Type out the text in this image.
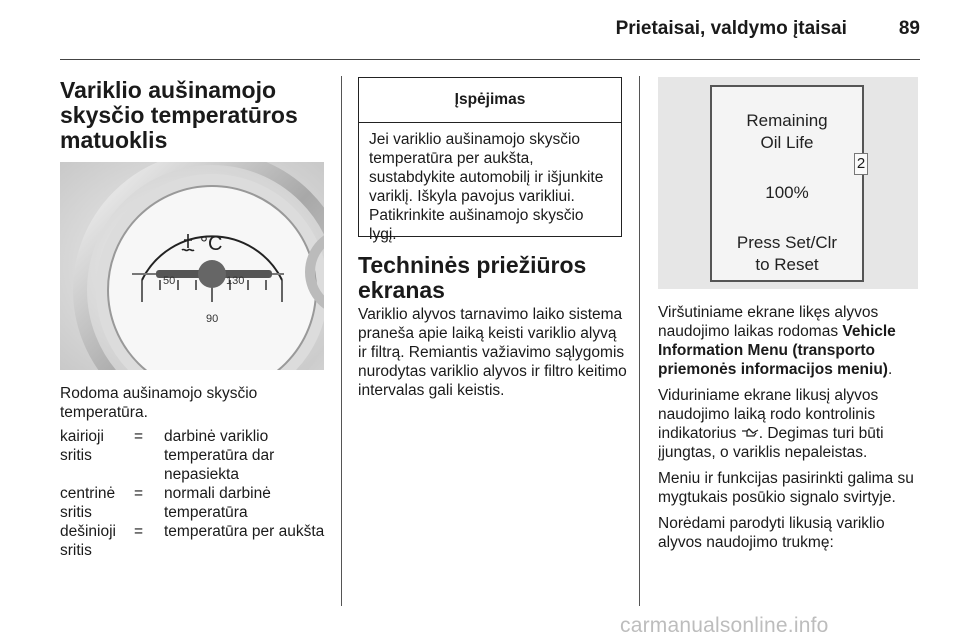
Prietaisai, valdymo įtaisai	89
Variklio aušinamojo skysčio temperatūros matuoklis
50
90
130
°C

Rodoma aušinamojo skysčio temperatūra.

kairioji sritis
=	darbinė variklio temperatūra dar nepasiekta
centrinė sritis
=	normali darbinė temperatūra
dešinioji sritis
=	temperatūra per aukšta
Įspėjimas
Jei variklio aušinamojo skysčio temperatūra per aukšta, sustabdykite automobilį ir išjunkite variklį. Iškyla pavojus varikliui. Patikrinkite aušinamojo skysčio lygį.
Techninės priežiūros ekranas

Variklio alyvos tarnavimo laiko sistema praneša apie laiką keisti variklio alyvą ir filtrą. Remiantis važiavimo sąlygomis nurodytas variklio alyvos ir filtro keitimo intervalas gali keistis.

Remaining
Oil Life
100%
Press Set/Clr
to Reset
2

Viršutiniame ekrane likęs alyvos naudojimo laikas rodomas Vehicle Information Menu (transporto priemonės informacijos meniu).

Viduriniame ekrane likusį alyvos naudojimo laiką rodo kontrolinis indikatorius . Degimas turi būti įjungtas, o variklis nepaleistas.

Meniu ir funkcijas pasirinkti galima su mygtukais posūkio signalo svirtyje.

Norėdami parodyti likusią variklio alyvos naudojimo trukmę:

carmanualsonline.info
